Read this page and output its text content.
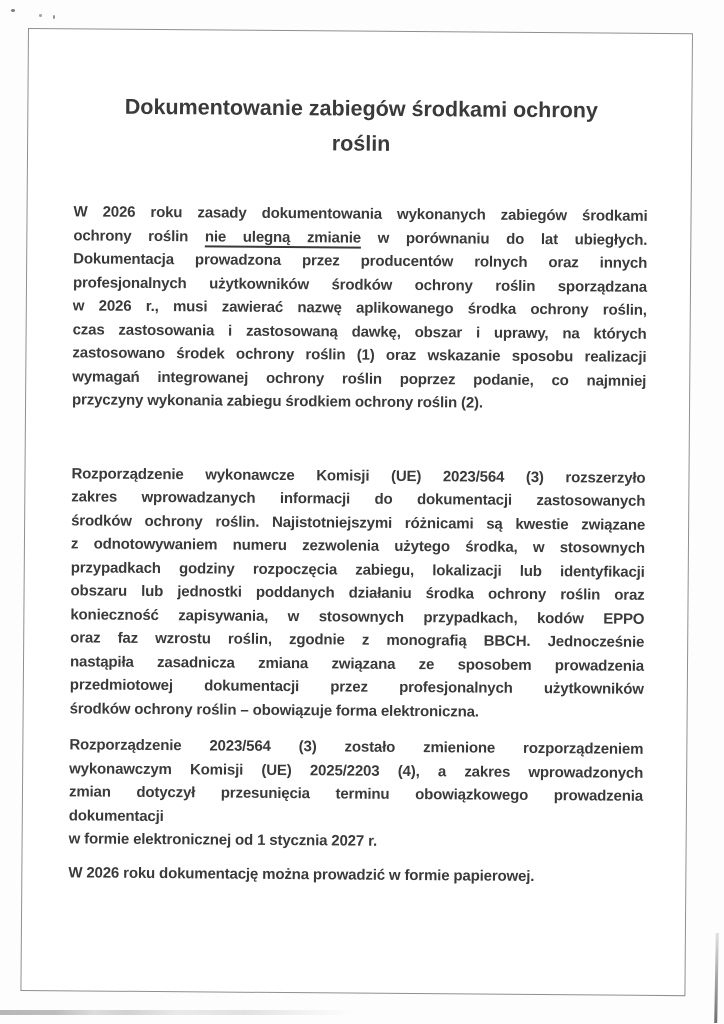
Dokumentowanie zabiegów środkami ochrony
roślin
W 2026 roku zasady dokumentowania wykonanych zabiegów środkami
ochrony roślin nie ulegną zmianie w porównaniu do lat ubiegłych.
Dokumentacja prowadzona przez producentów rolnych oraz innych
profesjonalnych użytkowników środków ochrony roślin sporządzana
w 2026 r., musi zawierać nazwę aplikowanego środka ochrony roślin,
czas zastosowania i zastosowaną dawkę, obszar i uprawy, na których
zastosowano środek ochrony roślin (1) oraz wskazanie sposobu realizacji
wymagań integrowanej ochrony roślin poprzez podanie, co najmniej
przyczyny wykonania zabiegu środkiem ochrony roślin (2).
Rozporządzenie wykonawcze Komisji (UE) 2023/564 (3) rozszerzyło
zakres wprowadzanych informacji do dokumentacji zastosowanych
środków ochrony roślin. Najistotniejszymi różnicami są kwestie związane
z odnotowywaniem numeru zezwolenia użytego środka, w stosownych
przypadkach godziny rozpoczęcia zabiegu, lokalizacji lub identyfikacji
obszaru lub jednostki poddanych działaniu środka ochrony roślin oraz
konieczność zapisywania, w stosownych przypadkach, kodów EPPO
oraz faz wzrostu roślin, zgodnie z monografią BBCH. Jednocześnie
nastąpiła zasadnicza zmiana związana ze sposobem prowadzenia
przedmiotowej dokumentacji przez profesjonalnych użytkowników
środków ochrony roślin – obowiązuje forma elektroniczna.
Rozporządzenie 2023/564 (3) zostało zmienione rozporządzeniem
wykonawczym Komisji (UE) 2025/2203 (4), a zakres wprowadzonych
zmian dotyczył przesunięcia terminu obowiązkowego prowadzenia
dokumentacji
w formie elektronicznej od 1 stycznia 2027 r.
W 2026 roku dokumentację można prowadzić w formie papierowej.
